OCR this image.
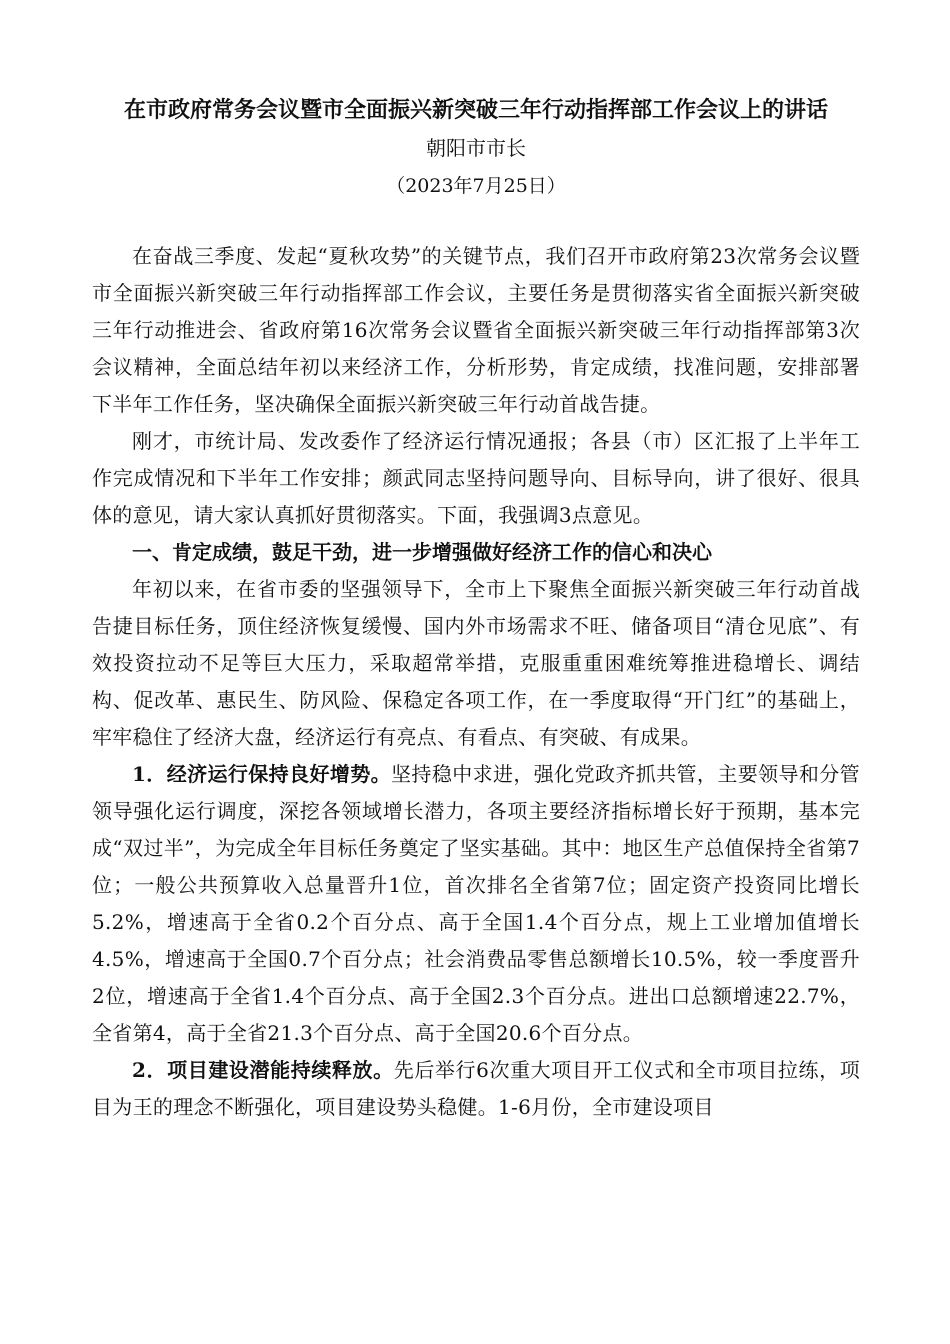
在市政府常务会议暨市全面振兴新突破三年行动指挥部工作会议上的讲话
朝阳市市长
（2023年7月25日）

在奋战三季度、发起“夏秋攻势”的关键节点，我们召开市政府第23次常务会议暨市全面振兴新突破三年行动指挥部工作会议，主要任务是贯彻落实省全面振兴新突破三年行动推进会、省政府第16次常务会议暨省全面振兴新突破三年行动指挥部第3次会议精神，全面总结年初以来经济工作，分析形势，肯定成绩，找准问题，安排部署下半年工作任务，坚决确保全面振兴新突破三年行动首战告捷。

刚才，市统计局、发改委作了经济运行情况通报；各县（市）区汇报了上半年工作完成情况和下半年工作安排；颜武同志坚持问题导向、目标导向，讲了很好、很具体的意见，请大家认真抓好贯彻落实。下面，我强调3点意见。

一、肯定成绩，鼓足干劲，进一步增强做好经济工作的信心和决心

年初以来，在省市委的坚强领导下，全市上下聚焦全面振兴新突破三年行动首战告捷目标任务，顶住经济恢复缓慢、国内外市场需求不旺、储备项目“清仓见底”、有效投资拉动不足等巨大压力，采取超常举措，克服重重困难统筹推进稳增长、调结构、促改革、惠民生、防风险、保稳定各项工作，在一季度取得“开门红”的基础上，牢牢稳住了经济大盘，经济运行有亮点、有看点、有突破、有成果。

1．经济运行保持良好增势。坚持稳中求进，强化党政齐抓共管，主要领导和分管领导强化运行调度，深挖各领域增长潜力，各项主要经济指标增长好于预期，基本完成“双过半”，为完成全年目标任务奠定了坚实基础。其中：地区生产总值保持全省第7位；一般公共预算收入总量晋升1位，首次排名全省第7位；固定资产投资同比增长5.2%，增速高于全省0.2个百分点、高于全国1.4个百分点，规上工业增加值增长4.5%，增速高于全国0.7个百分点；社会消费品零售总额增长10.5%，较一季度晋升2位，增速高于全省1.4个百分点、高于全国2.3个百分点。进出口总额增速22.7%，全省第4，高于全省21.3个百分点、高于全国20.6个百分点。

2．项目建设潜能持续释放。先后举行6次重大项目开工仪式和全市项目拉练，项目为王的理念不断强化，项目建设势头稳健。1-6月份，全市建设项目
